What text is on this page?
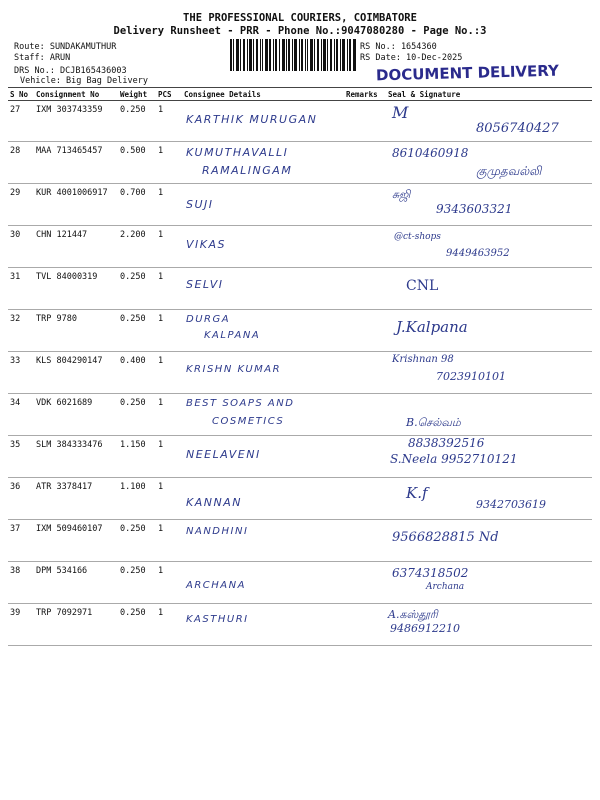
THE PROFESSIONAL COURIERS, COIMBATORE
Delivery Runsheet - PRR - Phone No.:9047080280 - Page No.:3
Route: SUNDAKAMUTHUR
Staff: ARUN
DRS No.: DCJB165436003
Vehicle: Big Bag Delivery
RS No.: 1654360
RS Date: 10-Dec-2025
DOCUMENT DELIVERY
S No	Consignment No	Weight	PCS	Consignee Details	Remarks	Seal & Signature
27	IXM 303743359	0.250	1	KARTHIK MURUGAN		M
8056740427

28	MAA 713465457	0.500	1	KUMUTHAVALLI
RAMALINGAM		8610460918
குமுதவல்லி

29	KUR 4001006917	0.700	1	SUJI		சுஜி
9343603321

30	CHN 121447	2.200	1	VIKAS		@ct-shops
9449463952

31	TVL 84000319	0.250	1	SELVI		CNL

32	TRP 9780	0.250	1	DURGA
KALPANA		J.Kalpana

33	KLS 804290147	0.400	1	KRISHN KUMAR		Krishnan 98
7023910101

34	VDK 6021689	0.250	1	BEST SOAPS AND
COSMETICS		B.செல்வம்

35	SLM 384333476	1.150	1	NEELAVENI		8838392516
S.Neela 9952710121

36	ATR 3378417	1.100	1	KANNAN		K.f
9342703619

37	IXM 509460107	0.250	1	NANDHINI		9566828815 Nd

38	DPM 534166	0.250	1	ARCHANA		6374318502
Archana

39	TRP 7092971	0.250	1	KASTHURI		A.கஸ்தூரி
9486912210
